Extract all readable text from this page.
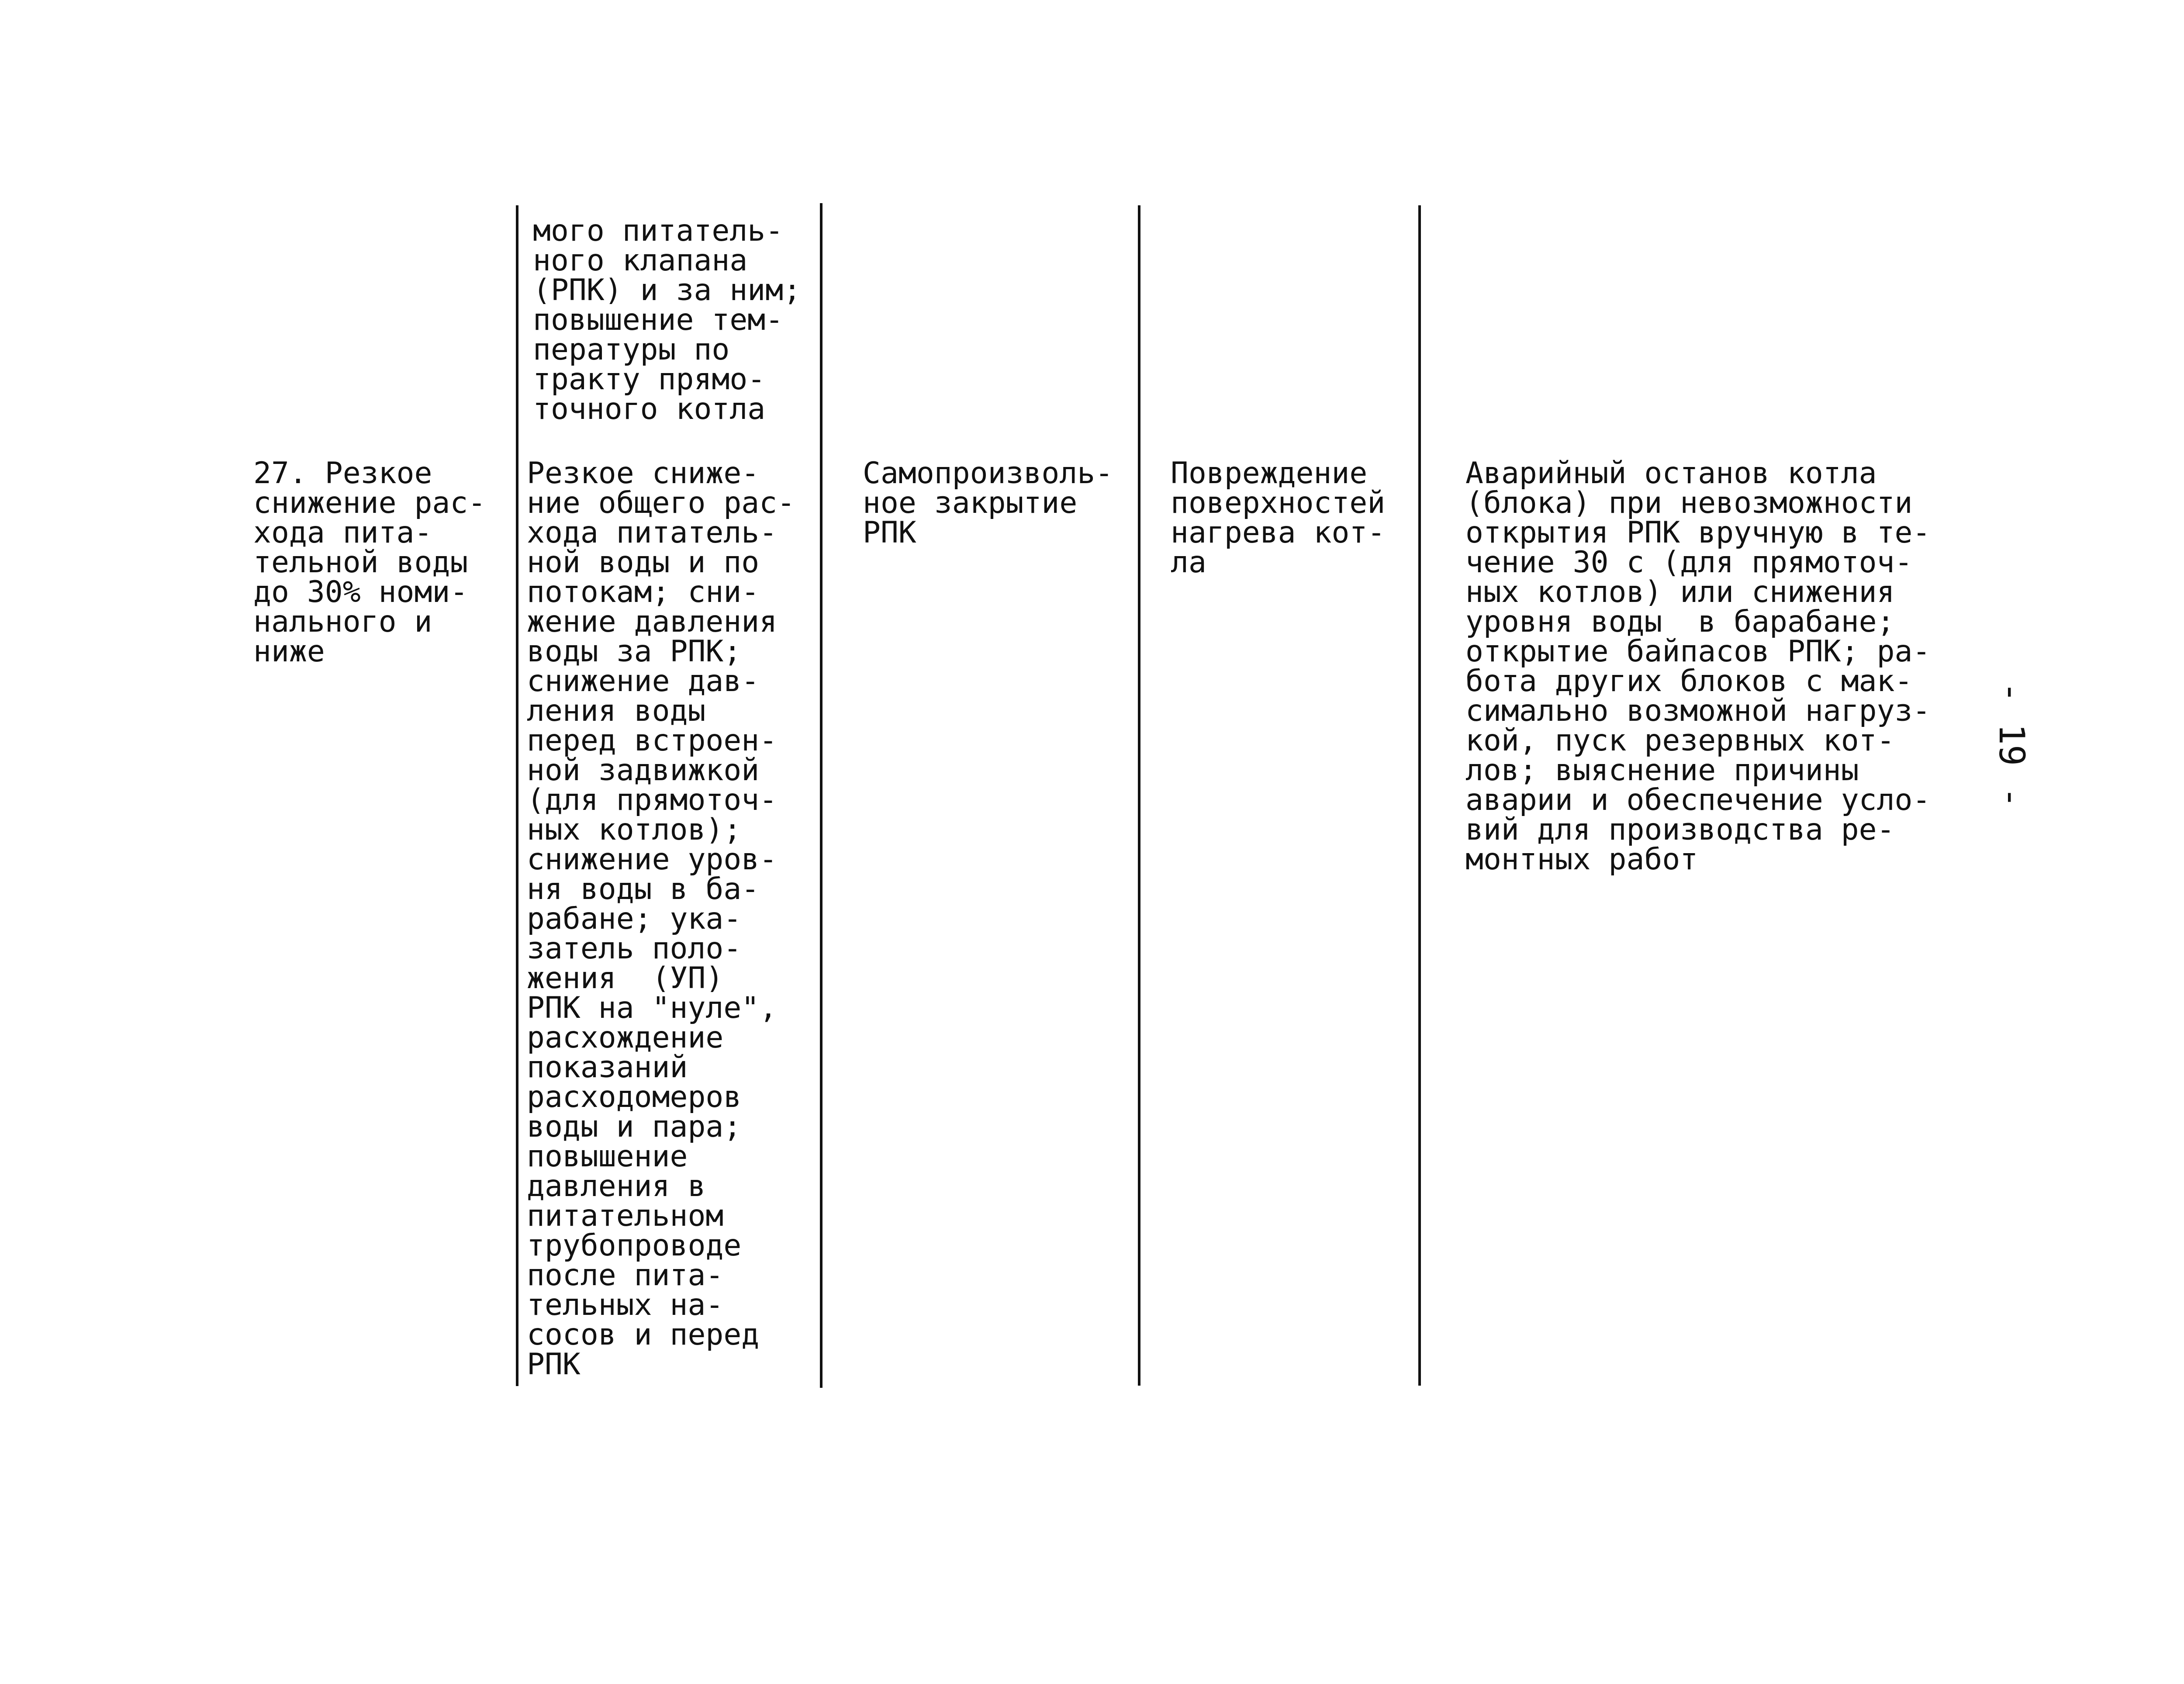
мого питатель-
ного клапана
(РПК) и за ним;
повышение тем-
пературы по
тракту прямо-
точного котла
27. Резкое
снижение рас-
хода пита-
тельной воды
до 30% номи-
нального и
ниже
Резкое сниже-
ние общего рас-
хода питатель-
ной воды и по
потокам; сни-
жение давления
воды за РПК;
снижение дав-
ления воды
перед встроен-
ной задвижкой
(для прямоточ-
ных котлов);
снижение уров-
ня воды в ба-
рабане; ука-
затель поло-
жения  (УП)
РПК на "нуле",
расхождение
показаний
расходомеров
воды и пара;
повышение
давления в
питательном
трубопроводе
после пита-
тельных на-
сосов и перед
РПК
Самопроизволь-
ное закрытие
РПК
Повреждение
поверхностей
нагрева кот-
ла
Аварийный останов котла
(блока) при невозможности
открытия РПК вручную в те-
чение 30 с (для прямоточ-
ных котлов) или снижения
уровня воды  в барабане;
открытие байпасов РПК; ра-
бота других блоков с мак-
симально возможной нагруз-
кой, пуск резервных кот-
лов; выяснение причины
аварии и обеспечение усло-
вий для производства ре-
монтных работ
- 19 -
